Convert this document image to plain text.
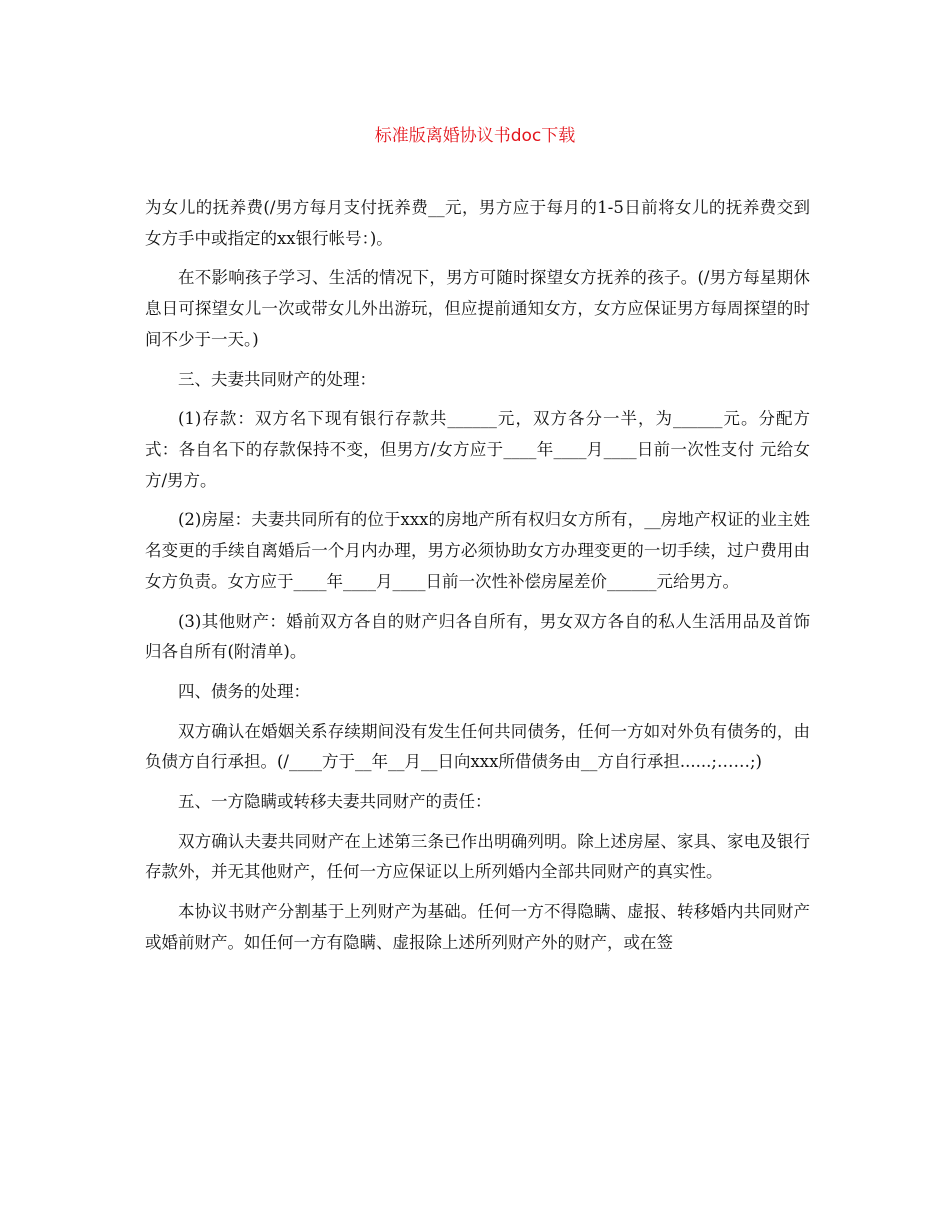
标准版离婚协议书doc下载

为女儿的抚养费(/男方每月支付抚养费__元，男方应于每月的1-5日前将女儿的抚养费交到女方手中或指定的xx银行帐号：)。

在不影响孩子学习、生活的情况下，男方可随时探望女方抚养的孩子。(/男方每星期休息日可探望女儿一次或带女儿外出游玩，但应提前通知女方，女方应保证男方每周探望的时间不少于一天。)

三、夫妻共同财产的处理：

(1)存款：双方名下现有银行存款共______元，双方各分一半，为______元。分配方式：各自名下的存款保持不变，但男方/女方应于____年____月____日前一次性支付 元给女方/男方。

(2)房屋：夫妻共同所有的位于xxx的房地产所有权归女方所有，__房地产权证的业主姓名变更的手续自离婚后一个月内办理，男方必须协助女方办理变更的一切手续，过户费用由女方负责。女方应于____年____月____日前一次性补偿房屋差价______元给男方。

(3)其他财产：婚前双方各自的财产归各自所有，男女双方各自的私人生活用品及首饰归各自所有(附清单)。

四、债务的处理：

双方确认在婚姻关系存续期间没有发生任何共同债务，任何一方如对外负有债务的，由负债方自行承担。(/____方于__年__月__日向xxx所借债务由__方自行承担......;……;)

五、一方隐瞒或转移夫妻共同财产的责任：

双方确认夫妻共同财产在上述第三条已作出明确列明。除上述房屋、家具、家电及银行存款外，并无其他财产，任何一方应保证以上所列婚内全部共同财产的真实性。

本协议书财产分割基于上列财产为基础。任何一方不得隐瞒、虚报、转移婚内共同财产或婚前财产。如任何一方有隐瞒、虚报除上述所列财产外的财产，或在签
